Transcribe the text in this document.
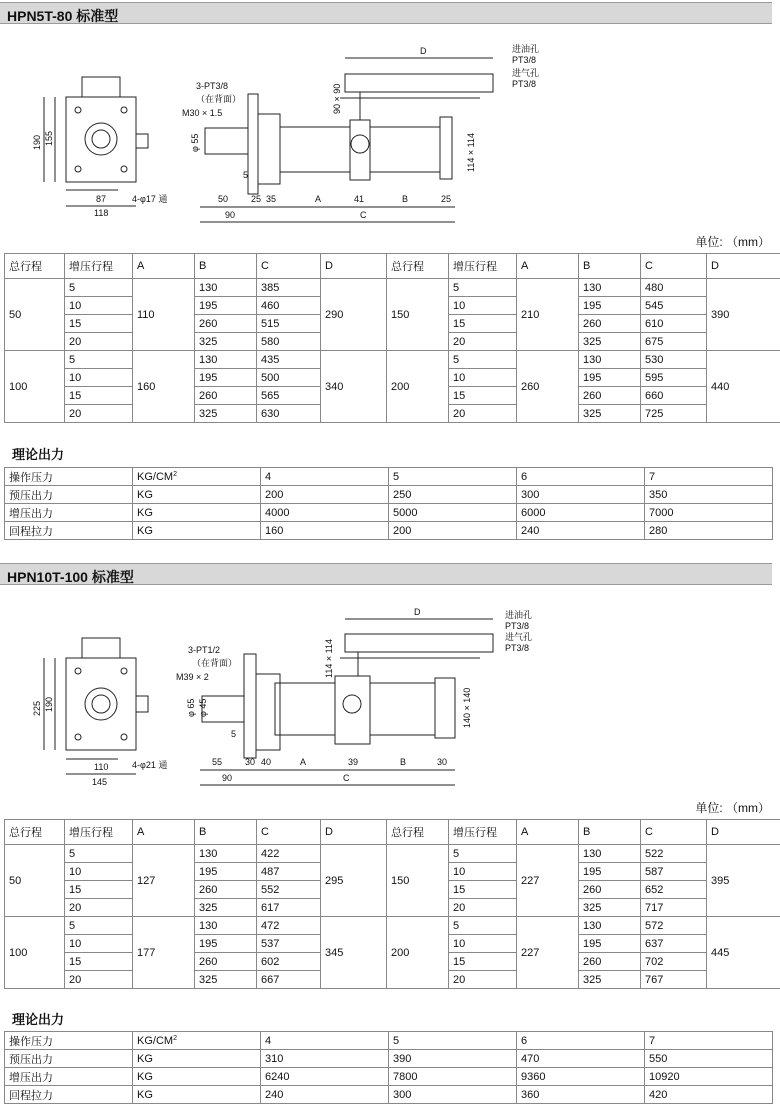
HPN5T-80 标准型
190 155
87
118
4-φ17 通
3-PT3/8
（在背面）
M30 × 1.5
φ 55
5
D	进油孔
PT3/8
进气孔
PT3/8
90 × 90
114 × 114
50	25 35	A	41	B	25
90	C
单位: （mm）
总行程	增压行程	A	B	C	D	总行程	增压行程	A	B	C	D
50	5	110	130	385	290	150	5	210	130	480	390
	10		195	460			10		195	545	
	15		260	515			15		260	610	
	20		325	580			20		325	675	
100	5	160	130	435	340	200	5	260	130	530	440
	10		195	500			10		195	595	
	15		260	565			15		260	660	
	20		325	630			20		325	725	
理论出力
操作压力	$KG/CM^2$	4	5	6	7
预压出力	KG	200	250	300	350
增压出力	KG	4000	5000	6000	7000
回程拉力	KG	160	200	240	280
HPN10T-100 标准型
225 190
110
145
4-φ21 通
3-PT1/2
（在背面）
M39 × 2
φ 65 φ 45
5
D	进油孔
PT3/8
进气孔
PT3/8
114 × 114
140 × 140
55	30 40	A	39	B	30
90	C
单位: （mm）
总行程	增压行程	A	B	C	D	总行程	增压行程	A	B	C	D
50	5	127	130	422	295	150	5	227	130	522	395
	10		195	487			10		195	587	
	15		260	552			15		260	652	
	20		325	617			20		325	717	
100	5	177	130	472	345	200	5	227	130	572	445
	10		195	537			10		195	637	
	15		260	602			15		260	702	
	20		325	667			20		325	767	
理论出力
操作压力	$KG/CM^2$	4	5	6	7
预压出力	KG	310	390	470	550
增压出力	KG	6240	7800	9360	10920
回程拉力	KG	240	300	360	420
